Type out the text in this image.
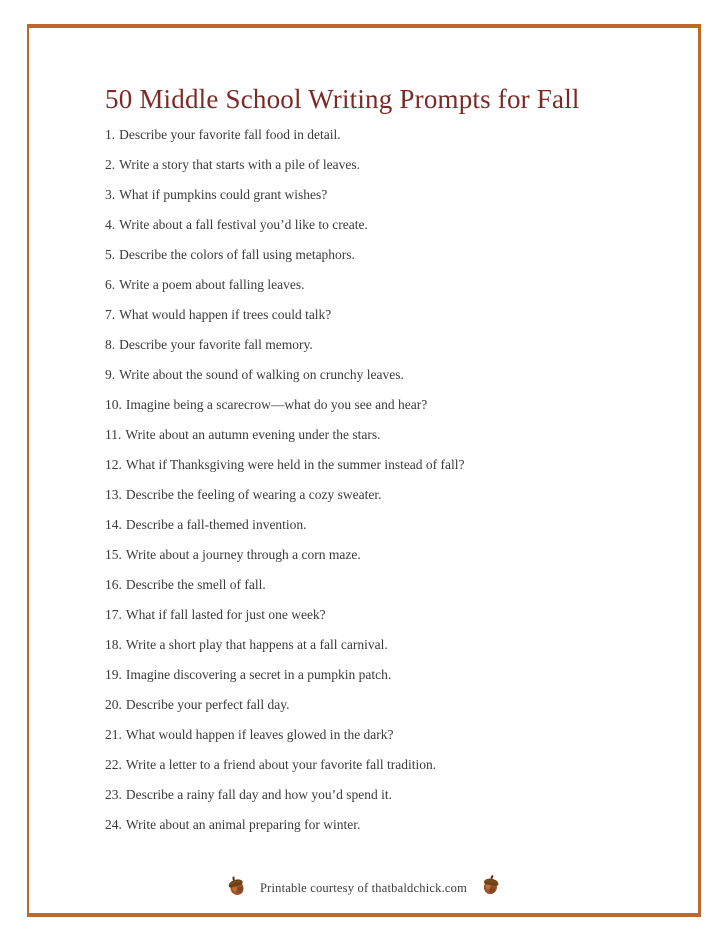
50 Middle School Writing Prompts for Fall
1. Describe your favorite fall food in detail.
2. Write a story that starts with a pile of leaves.
3. What if pumpkins could grant wishes?
4. Write about a fall festival you’d like to create.
5. Describe the colors of fall using metaphors.
6. Write a poem about falling leaves.
7. What would happen if trees could talk?
8. Describe your favorite fall memory.
9. Write about the sound of walking on crunchy leaves.
10. Imagine being a scarecrow—what do you see and hear?
11. Write about an autumn evening under the stars.
12. What if Thanksgiving were held in the summer instead of fall?
13. Describe the feeling of wearing a cozy sweater.
14. Describe a fall-themed invention.
15. Write about a journey through a corn maze.
16. Describe the smell of fall.
17. What if fall lasted for just one week?
18. Write a short play that happens at a fall carnival.
19. Imagine discovering a secret in a pumpkin patch.
20. Describe your perfect fall day.
21. What would happen if leaves glowed in the dark?
22. Write a letter to a friend about your favorite fall tradition.
23. Describe a rainy fall day and how you’d spend it.
24. Write about an animal preparing for winter.
Printable courtesy of thatbaldchick.com
